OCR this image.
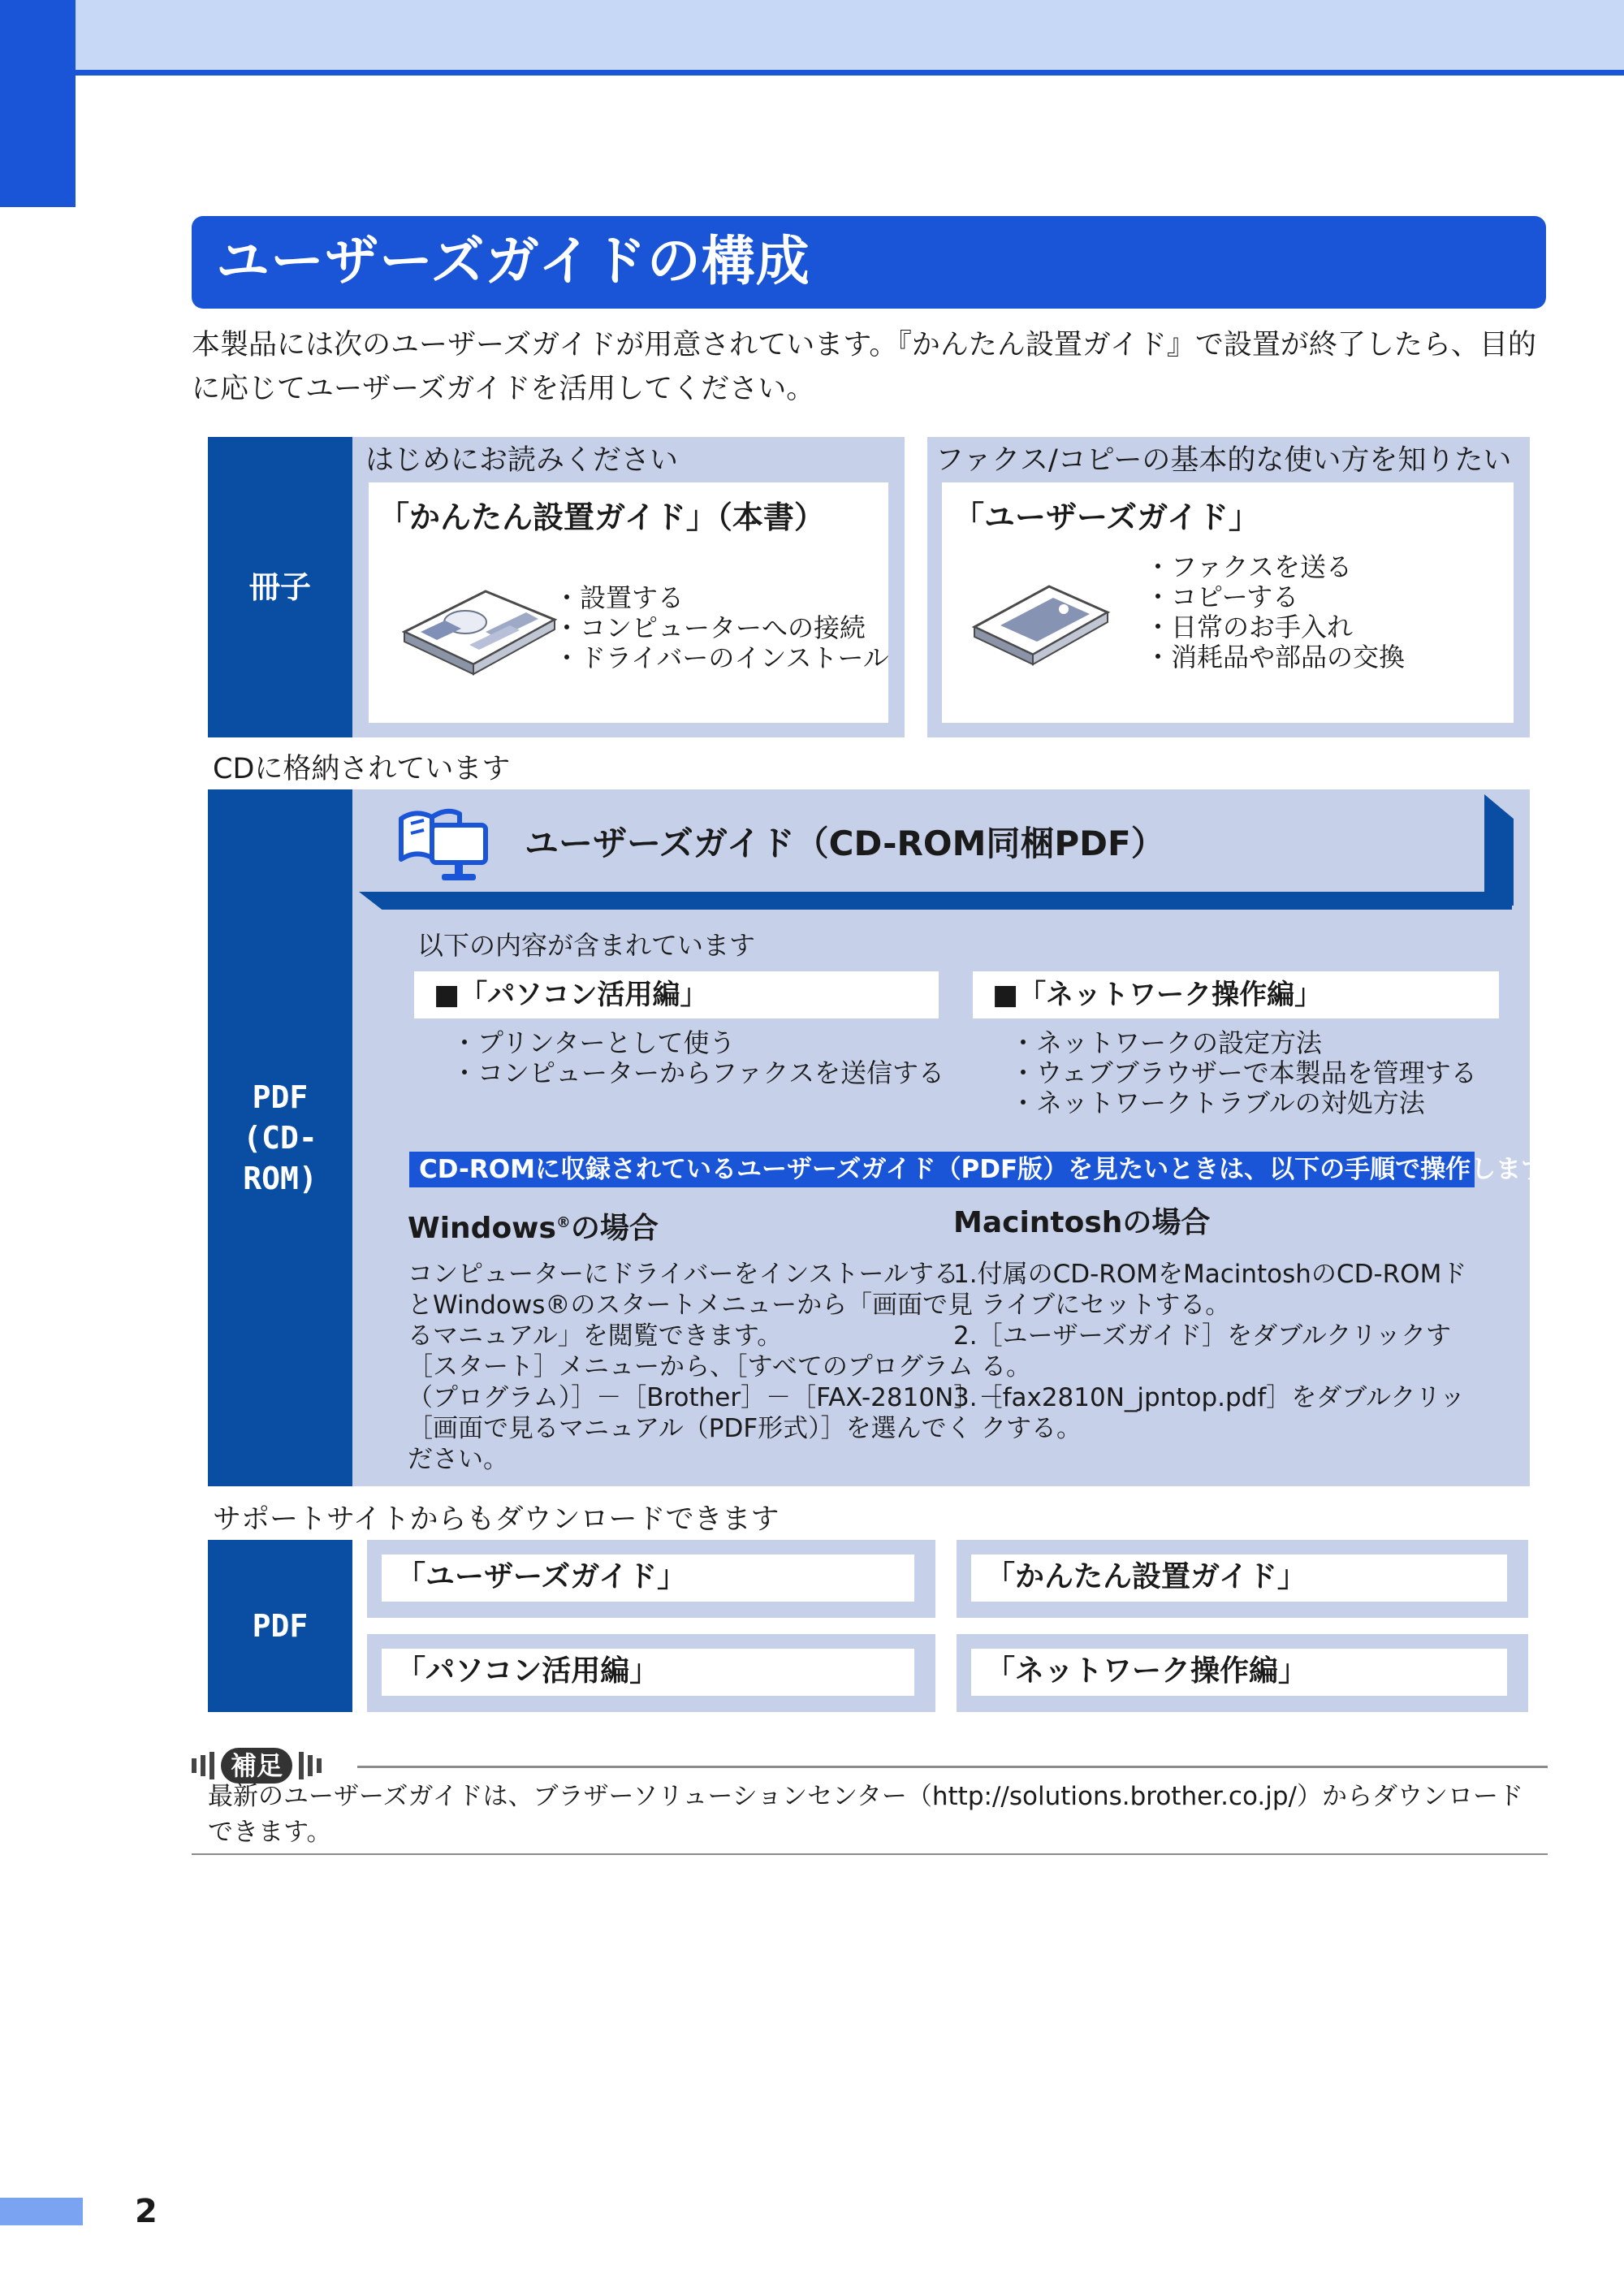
ユーザーズガイドの構成
本製品には次のユーザーズガイドが用意されています。『かんたん設置ガイド』で設置が終了したら、目的に応じてユーザーズガイドを活用してください。
冊子
はじめにお読みください
「かんたん設置ガイド」（本書）
・設置する
・コンピューターへの接続
・ドライバーのインストール
ファクス/コピーの基本的な使い方を知りたい
「ユーザーズガイド」
・ファクスを送る
・コピーする
・日常のお手入れ
・消耗品や部品の交換
CDに格納されています
PDF
(CD-ROM)
ユーザーズガイド（CD-ROM同梱PDF）
以下の内容が含まれています
■「パソコン活用編」	■「ネットワーク操作編」
・プリンターとして使う
・コンピューターからファクスを送信する
・ネットワークの設定方法
・ウェブブラウザーで本製品を管理する
・ネットワークトラブルの対処方法
CD-ROMに収録されているユーザーズガイド（PDF版）を見たいときは、以下の手順で操作します。
Windows®の場合
コンピューターにドライバーをインストールする
とWindows®のスタートメニューから「画面で見
るマニュアル」を閲覧できます。
［スタート］メニューから、［すべてのプログラム
（プログラム）］－［Brother］－［FAX-2810N］－
［画面で見るマニュアル（PDF形式）］を選んでく
ださい。
Macintoshの場合
1.付属のCD-ROMをMacintoshのCD-ROMドライブにセットする。
2.［ユーザーズガイド］をダブルクリックする。
3.［fax2810N_jpntop.pdf］をダブルクリックする。
サポートサイトからもダウンロードできます
PDF
「ユーザーズガイド」	「かんたん設置ガイド」
「パソコン活用編」	「ネットワーク操作編」
補足
最新のユーザーズガイドは、ブラザーソリューションセンター（http://solutions.brother.co.jp/）からダウンロードできます。
2
